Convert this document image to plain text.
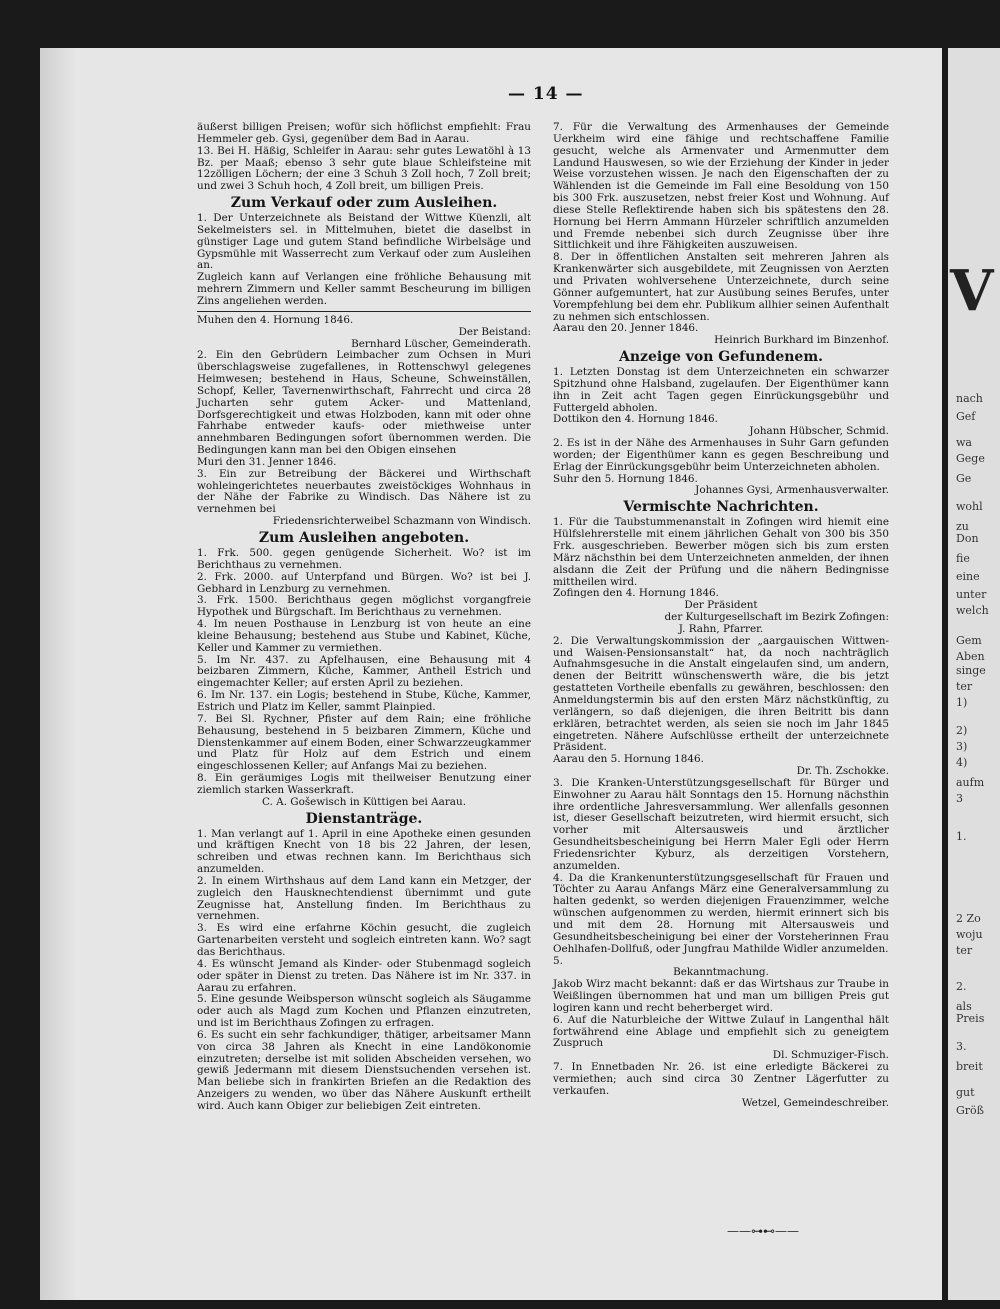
V
nach
Gef
wa
Gege
Ge
wohl
zu
Don
fie
eine
unter
welch
Gem
Aben
singe
ter
1)
2)
3)
4)
aufm
3
1.
2 Zo
woju
ter
2.
als
Preis
3.
breit
gut
Größ
— 14 —

äußerst billigen Preisen; wofür sich höflichst empfiehlt: Frau Hemmeler geb. Gysi, gegenüber dem Bad in Aarau.

13. Bei H. Häßig, Schleifer in Aarau: sehr gutes Lewatöhl à 13 Bz. per Maaß; ebenso 3 sehr gute blaue Schleifsteine mit 12zölligen Löchern; der eine 3 Schuh 3 Zoll hoch, 7 Zoll breit; und zwei 3 Schuh hoch, 4 Zoll breit, um billigen Preis.

Zum Verkauf oder zum Ausleihen.

1. Der Unterzeichnete als Beistand der Wittwe Küenzli, alt Sekelmeisters sel. in Mittelmuhen, bietet die daselbst in günstiger Lage und gutem Stand befindliche Wirbelsäge und Gypsmühle mit Wasserrecht zum Verkauf oder zum Ausleihen an.

Zugleich kann auf Verlangen eine fröhliche Behausung mit mehrern Zimmern und Keller sammt Bescheurung im billigen Zins angeliehen werden.

Muhen den 4. Hornung 1846.

Der Beistand:

Bernhard Lüscher, Gemeinderath.

2. Ein den Gebrüdern Leimbacher zum Ochsen in Muri überschlagsweise zugefallenes, in Rottenschwyl gelegenes Heimwesen; bestehend in Haus, Scheune, Schweinställen, Schopf, Keller, Tavernenwirthschaft, Fahrrecht und circa 28 Jucharten sehr gutem Acker- und Mattenland, Dorfsgerechtigkeit und etwas Holzboden, kann mit oder ohne Fahrhabe entweder kaufs- oder miethweise unter annehmbaren Bedingungen sofort übernommen werden. Die Bedingungen kann man bei den Obigen einsehen

Muri den 31. Jenner 1846.

3. Ein zur Betreibung der Bäckerei und Wirthschaft wohleingerichtetes neuerbautes zweistöckiges Wohnhaus in der Nähe der Fabrike zu Windisch. Das Nähere ist zu vernehmen bei

Friedensrichterweibel Schazmann von Windisch.

Zum Ausleihen angeboten.

1. Frk. 500. gegen genügende Sicherheit. Wo? ist im Berichthaus zu vernehmen.

2. Frk. 2000. auf Unterpfand und Bürgen. Wo? ist bei J. Gebhard in Lenzburg zu vernehmen.

3. Frk. 1500. Berichthaus gegen möglichst vorgangfreie Hypothek und Bürgschaft. Im Berichthaus zu vernehmen.

4. Im neuen Posthause in Lenzburg ist von heute an eine kleine Behausung; bestehend aus Stube und Kabinet, Küche, Keller und Kammer zu vermiethen.

5. Im Nr. 437. zu Apfelhausen, eine Behausung mit 4 beizbaren Zimmern, Küche, Kammer, Antheil Estrich und eingemachter Keller; auf ersten April zu beziehen.

6. Im Nr. 137. ein Logis; bestehend in Stube, Küche, Kammer, Estrich und Platz im Keller, sammt Plainpied.

7. Bei Sl. Rychner, Pfister auf dem Rain; eine fröhliche Behausung, bestehend in 5 beizbaren Zimmern, Küche und Dienstenkammer auf einem Boden, einer Schwarzzeugkammer und Platz für Holz auf dem Estrich und einem eingeschlossenen Keller; auf Anfangs Mai zu beziehen.

8. Ein geräumiges Logis mit theilweiser Benutzung einer ziemlich starken Wasserkraft.

C. A. Gošewisch in Küttigen bei Aarau.

Dienstanträge.

1. Man verlangt auf 1. April in eine Apotheke einen gesunden und kräftigen Knecht von 18 bis 22 Jahren, der lesen, schreiben und etwas rechnen kann. Im Berichthaus sich anzumelden.

2. In einem Wirthshaus auf dem Land kann ein Metzger, der zugleich den Hausknechtendienst übernimmt und gute Zeugnisse hat, Anstellung finden. Im Berichthaus zu vernehmen.

3. Es wird eine erfahrne Köchin gesucht, die zugleich Gartenarbeiten versteht und sogleich eintreten kann. Wo? sagt das Berichthaus.

4. Es wünscht Jemand als Kinder- oder Stubenmagd sogleich oder später in Dienst zu treten. Das Nähere ist im Nr. 337. in Aarau zu erfahren.

5. Eine gesunde Weibsperson wünscht sogleich als Säugamme oder auch als Magd zum Kochen und Pflanzen einzutreten, und ist im Berichthaus Zofingen zu erfragen.

6. Es sucht ein sehr fachkundiger, thätiger, arbeitsamer Mann von circa 38 Jahren als Knecht in eine Landökonomie einzutreten; derselbe ist mit soliden Abscheiden versehen, wo gewiß Jedermann mit diesem Dienstsuchenden versehen ist. Man beliebe sich in frankirten Briefen an die Redaktion des Anzeigers zu wenden, wo über das Nähere Auskunft ertheilt wird. Auch kann Obiger zur beliebigen Zeit eintreten.

7. Für die Verwaltung des Armenhauses der Gemeinde Uerkheim wird eine fähige und rechtschaffene Familie gesucht, welche als Armenvater und Armenmutter dem Landund Hauswesen, so wie der Erziehung der Kinder in jeder Weise vorzustehen wissen. Je nach den Eigenschaften der zu Wählenden ist die Gemeinde im Fall eine Besoldung von 150 bis 300 Frk. auszusetzen, nebst freier Kost und Wohnung. Auf diese Stelle Reflektirende haben sich bis spätestens den 28. Hornung bei Herrn Ammann Hürzeler schriftlich anzumelden und Fremde nebenbei sich durch Zeugnisse über ihre Sittlichkeit und ihre Fähigkeiten auszuweisen.

8. Der in öffentlichen Anstalten seit mehreren Jahren als Krankenwärter sich ausgebildete, mit Zeugnissen von Aerzten und Privaten wohlversehene Unterzeichnete, durch seine Gönner aufgemuntert, hat zur Ausübung seines Berufes, unter Vorempfehlung bei dem ehr. Publikum allhier seinen Aufenthalt zu nehmen sich entschlossen.

Aarau den 20. Jenner 1846.

Heinrich Burkhard im Binzenhof.

Anzeige von Gefundenem.

1. Letzten Donstag ist dem Unterzeichneten ein schwarzer Spitzhund ohne Halsband, zugelaufen. Der Eigenthümer kann ihn in Zeit acht Tagen gegen Einrückungsgebühr und Futtergeld abholen.

Dottikon den 4. Hornung 1846.

Johann Hübscher, Schmid.

2. Es ist in der Nähe des Armenhauses in Suhr Garn gefunden worden; der Eigenthümer kann es gegen Beschreibung und Erlag der Einrückungsgebühr beim Unterzeichneten abholen.

Suhr den 5. Hornung 1846.

Johannes Gysi, Armenhausverwalter.

Vermischte Nachrichten.

1. Für die Taubstummenanstalt in Zofingen wird hiemit eine Hülfslehrerstelle mit einem jährlichen Gehalt von 300 bis 350 Frk. ausgeschrieben. Bewerber mögen sich bis zum ersten März nächsthin bei dem Unterzeichneten anmelden, der ihnen alsdann die Zeit der Prüfung und die nähern Bedingnisse mittheilen wird.

Zofingen den 4. Hornung 1846.

Der Präsident

der Kulturgesellschaft im Bezirk Zofingen:

J. Rahn, Pfarrer.

2. Die Verwaltungskommission der „aargauischen Wittwen- und Waisen-Pensionsanstalt“ hat, da noch nachträglich Aufnahmsgesuche in die Anstalt eingelaufen sind, um andern, denen der Beitritt wünschenswerth wäre, die bis jetzt gestatteten Vortheile ebenfalls zu gewähren, beschlossen: den Anmeldungstermin bis auf den ersten März nächstkünftig, zu verlängern, so daß diejenigen, die ihren Beitritt bis dann erklären, betrachtet werden, als seien sie noch im Jahr 1845 eingetreten. Nähere Aufschlüsse ertheilt der unterzeichnete Präsident.

Aarau den 5. Hornung 1846.

Dr. Th. Zschokke.

3. Die Kranken-Unterstützungsgesellschaft für Bürger und Einwohner zu Aarau hält Sonntags den 15. Hornung nächsthin ihre ordentliche Jahresversammlung. Wer allenfalls gesonnen ist, dieser Gesellschaft beizutreten, wird hiermit ersucht, sich vorher mit Altersausweis und ärztlicher Gesundheitsbescheinigung bei Herrn Maler Egli oder Herrn Friedensrichter Kyburz, als derzeitigen Vorstehern, anzumelden.

4. Da die Krankenunterstützungsgesellschaft für Frauen und Töchter zu Aarau Anfangs März eine Generalversammlung zu halten gedenkt, so werden diejenigen Frauenzimmer, welche wünschen aufgenommen zu werden, hiermit erinnert sich bis und mit dem 28. Hornung mit Altersausweis und Gesundheitsbescheinigung bei einer der Vorsteherinnen Frau Oehlhafen-Dollfuß, oder Jungfrau Mathilde Widler anzumelden.

5.

Bekanntmachung.

Jakob Wirz macht bekannt: daß er das Wirtshaus zur Traube in Weißlingen übernommen hat und man um billigen Preis gut logiren kann und recht beherberget wird.

6. Auf die Naturbleiche der Wittwe Zulauf in Langenthal hält fortwährend eine Ablage und empfiehlt sich zu geneigtem Zuspruch

Dl. Schmuziger-Fisch.

7. In Ennetbaden Nr. 26. ist eine erledigte Bäckerei zu vermiethen; auch sind circa 30 Zentner Lägerfutter zu verkaufen.

Wetzel, Gemeindeschreiber.

——⊶⊷——
